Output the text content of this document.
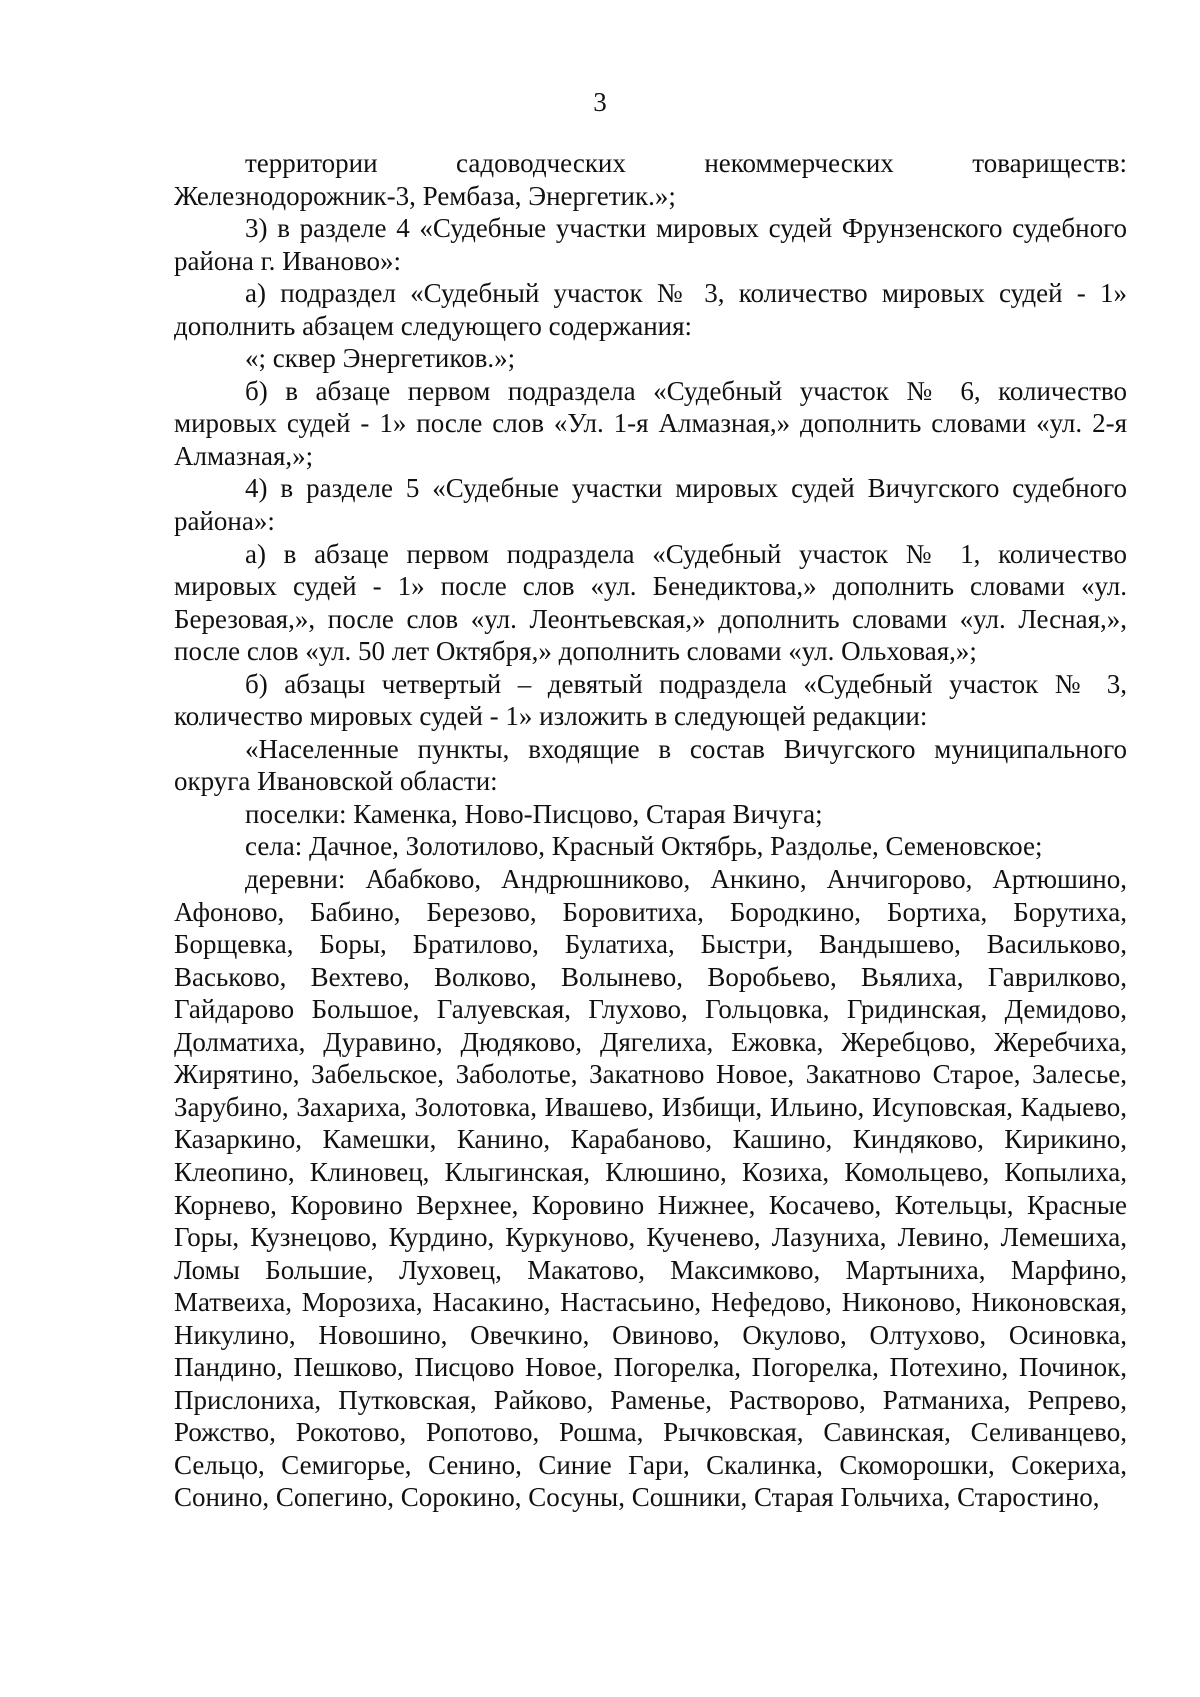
3

территории садоводческих некоммерческих товариществ: Железнодорожник-3, Рембаза, Энергетик.»;

3) в разделе 4 «Судебные участки мировых судей Фрунзенского судебного района г. Иваново»:

а) подраздел «Судебный участок № 3, количество мировых судей - 1» дополнить абзацем следующего содержания:

«; сквер Энергетиков.»;

б) в абзаце первом подраздела «Судебный участок № 6, количество мировых судей - 1» после слов «Ул. 1-я Алмазная,» дополнить словами «ул. 2-я Алмазная,»;

4) в разделе 5 «Судебные участки мировых судей Вичугского судебного района»:

а) в абзаце первом подраздела «Судебный участок № 1, количество мировых судей - 1» после слов «ул. Бенедиктова,» дополнить словами «ул. Березовая,», после слов «ул. Леонтьевская,» дополнить словами «ул. Лесная,», после слов «ул. 50 лет Октября,» дополнить словами «ул. Ольховая,»;

б) абзацы четвертый – девятый подраздела «Судебный участок № 3, количество мировых судей - 1» изложить в следующей редакции:

«Населенные пункты, входящие в состав Вичугского муниципального округа Ивановской области:

поселки: Каменка, Ново-Писцово, Старая Вичуга;

села: Дачное, Золотилово, Красный Октябрь, Раздолье, Семеновское;

деревни: Абабково, Андрюшниково, Анкино, Анчигорово, Артюшино, Афоново, Бабино, Березово, Боровитиха, Бородкино, Бортиха, Борутиха, Борщевка, Боры, Братилово, Булатиха, Быстри, Вандышево, Васильково, Васьково, Вехтево, Волково, Волынево, Воробьево, Вьялиха, Гаврилково, Гайдарово Большое, Галуевская, Глухово, Гольцовка, Гридинская, Демидово, Долматиха, Дуравино, Дюдяково, Дягелиха, Ежовка, Жеребцово, Жеребчиха, Жирятино, Забельское, Заболотье, Закатново Новое, Закатново Старое, Залесье, Зарубино, Захариха, Золотовка, Ивашево, Избищи, Ильино, Исуповская, Кадыево, Казаркино, Камешки, Канино, Карабаново, Кашино, Киндяково, Кирикино, Клеопино, Клиновец, Клыгинская, Клюшино, Козиха, Комольцево, Копылиха, Корнево, Коровино Верхнее, Коровино Нижнее, Косачево, Котельцы, Красные Горы, Кузнецово, Курдино, Куркуново, Кученево, Лазуниха, Левино, Лемешиха, Ломы Большие, Луховец, Макатово, Максимково, Мартыниха, Марфино, Матвеиха, Морозиха, Насакино, Настасьино, Нефедово, Никоново, Никоновская, Никулино, Новошино, Овечкино, Овиново, Окулово, Олтухово, Осиновка, Пандино, Пешково, Писцово Новое, Погорелка, Погорелка, Потехино, Починок, Прислониха, Путковская, Райково, Раменье, Растворово, Ратманиха, Репрево, Рожство, Рокотово, Ропотово, Рошма, Рычковская, Савинская, Селиванцево, Сельцо, Семигорье, Сенино, Синие Гари, Скалинка, Скоморошки, Сокериха, Сонино, Сопегино, Сорокино, Сосуны, Сошники, Старая Гольчиха, Старостино,
